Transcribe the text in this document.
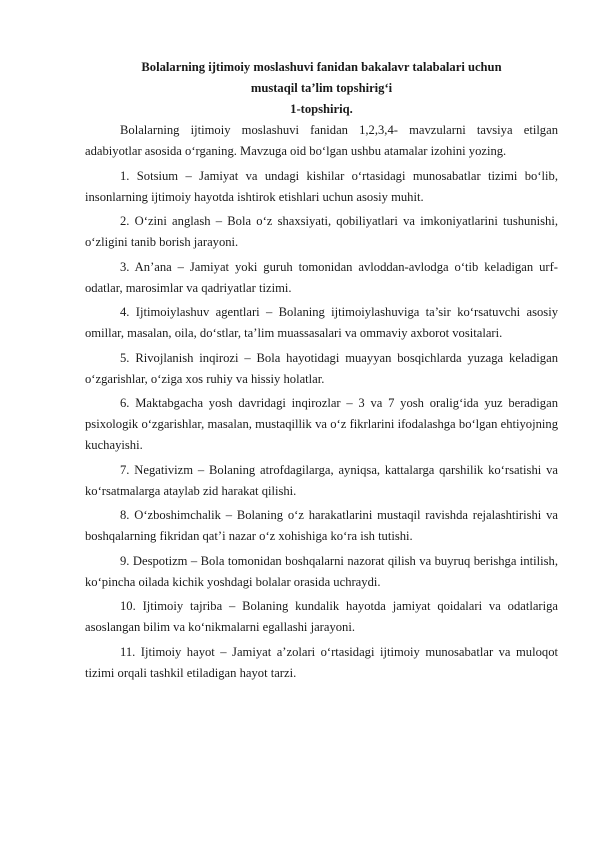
Bolalarning ijtimoiy moslashuvi fanidan bakalavr talabalari uchun

mustaqil ta’lim topshirig‘i

1-topshiriq.

Bolalarning ijtimoiy moslashuvi fanidan 1,2,3,4- mavzularni tavsiya etilgan adabiyotlar asosida o‘rganing. Mavzuga oid bo‘lgan ushbu atamalar izohini yozing.

1. Sotsium – Jamiyat va undagi kishilar o‘rtasidagi munosabatlar tizimi bo‘lib, insonlarning ijtimoiy hayotda ishtirok etishlari uchun asosiy muhit.

2. O‘zini anglash – Bola o‘z shaxsiyati, qobiliyatlari va imkoniyatlarini tushunishi, o‘zligini tanib borish jarayoni.

3. An’ana – Jamiyat yoki guruh tomonidan avloddan-avlodga o‘tib keladigan urf-odatlar, marosimlar va qadriyatlar tizimi.

4. Ijtimoiylashuv agentlari – Bolaning ijtimoiylashuviga ta’sir ko‘rsatuvchi asosiy omillar, masalan, oila, do‘stlar, ta’lim muassasalari va ommaviy axborot vositalari.

5. Rivojlanish inqirozi – Bola hayotidagi muayyan bosqichlarda yuzaga keladigan o‘zgarishlar, o‘ziga xos ruhiy va hissiy holatlar.

6. Maktabgacha yosh davridagi inqirozlar – 3 va 7 yosh oralig‘ida yuz beradigan psixologik o‘zgarishlar, masalan, mustaqillik va o‘z fikrlarini ifodalashga bo‘lgan ehtiyojning kuchayishi.

7. Negativizm – Bolaning atrofdagilarga, ayniqsa, kattalarga qarshilik ko‘rsatishi va ko‘rsatmalarga ataylab zid harakat qilishi.

8. O‘zboshimchalik – Bolaning o‘z harakatlarini mustaqil ravishda rejalashtirishi va boshqalarning fikridan qat’i nazar o‘z xohishiga ko‘ra ish tutishi.

9. Despotizm – Bola tomonidan boshqalarni nazorat qilish va buyruq berishga intilish, ko‘pincha oilada kichik yoshdagi bolalar orasida uchraydi.

10. Ijtimoiy tajriba – Bolaning kundalik hayotda jamiyat qoidalari va odatlariga asoslangan bilim va ko‘nikmalarni egallashi jarayoni.

11. Ijtimoiy hayot – Jamiyat a’zolari o‘rtasidagi ijtimoiy munosabatlar va muloqot tizimi orqali tashkil etiladigan hayot tarzi.
